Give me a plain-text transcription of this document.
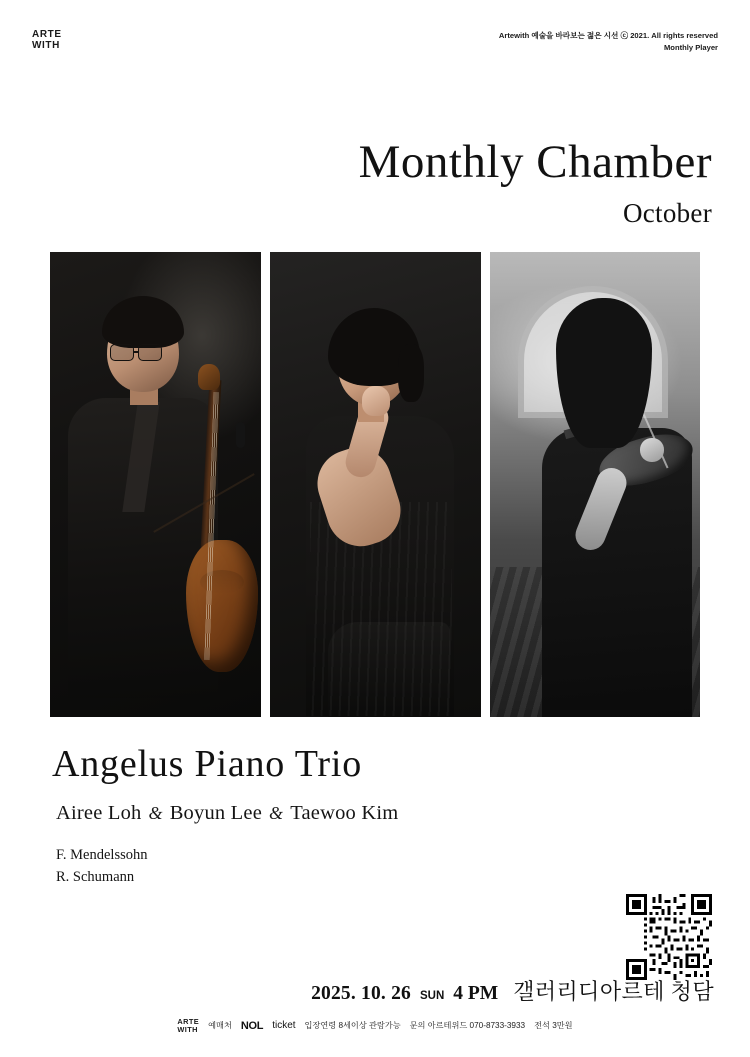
ARTE
WITH
Artewith 예술을 바라보는 젊은 시선 ⓒ 2021. All rights reserved
Monthly Player
Monthly Chamber
October
Angelus Piano Trio
Airee Loh & Boyun Lee & Taewoo Kim
F. Mendelssohn
R. Schumann
2025. 10. 26 SUN 4 PM 갤러리디아르테 청담
ARTE
WITH 예매처 NOL ticket 입장연령 8세이상 관람가능 문의 아르테위드 070-8733-3933 전석 3만원
